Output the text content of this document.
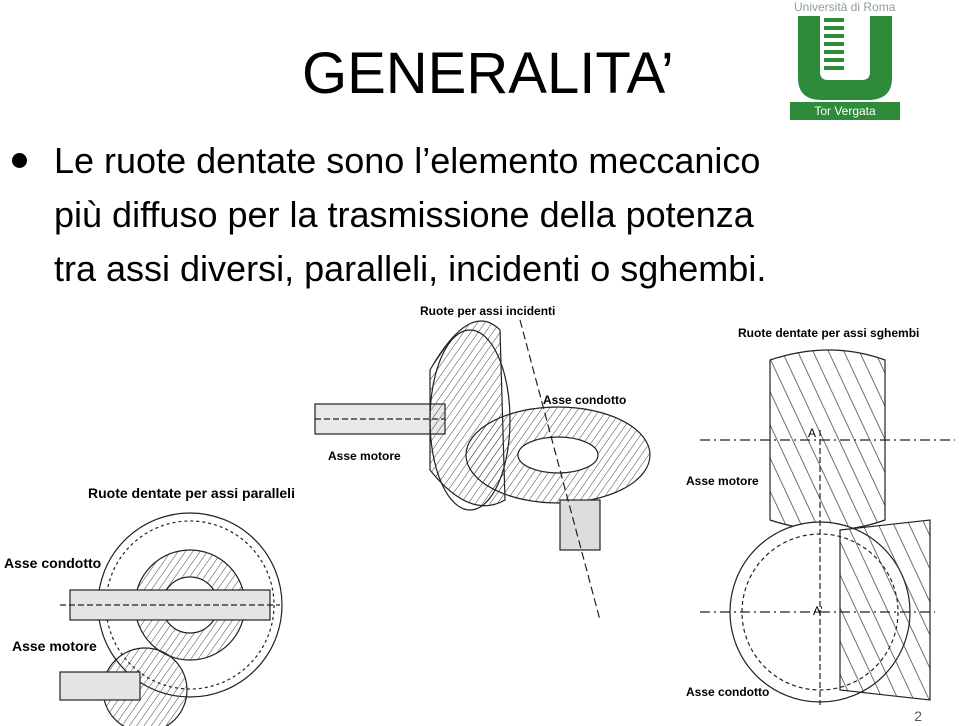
GENERALITA’
Le ruote dentate sono l’elemento meccanico
più diffuso per la trasmissione della potenza
tra assi diversi, paralleli, incidenti o sghembi.
Università di Roma
Tor Vergata
Ruote per assi incidenti
Asse condotto
Asse motore
Ruote dentate per assi sghembi
Asse motore
Asse condotto
A
A’
Ruote dentate per assi paralleli
Asse condotto
Asse motore
2
